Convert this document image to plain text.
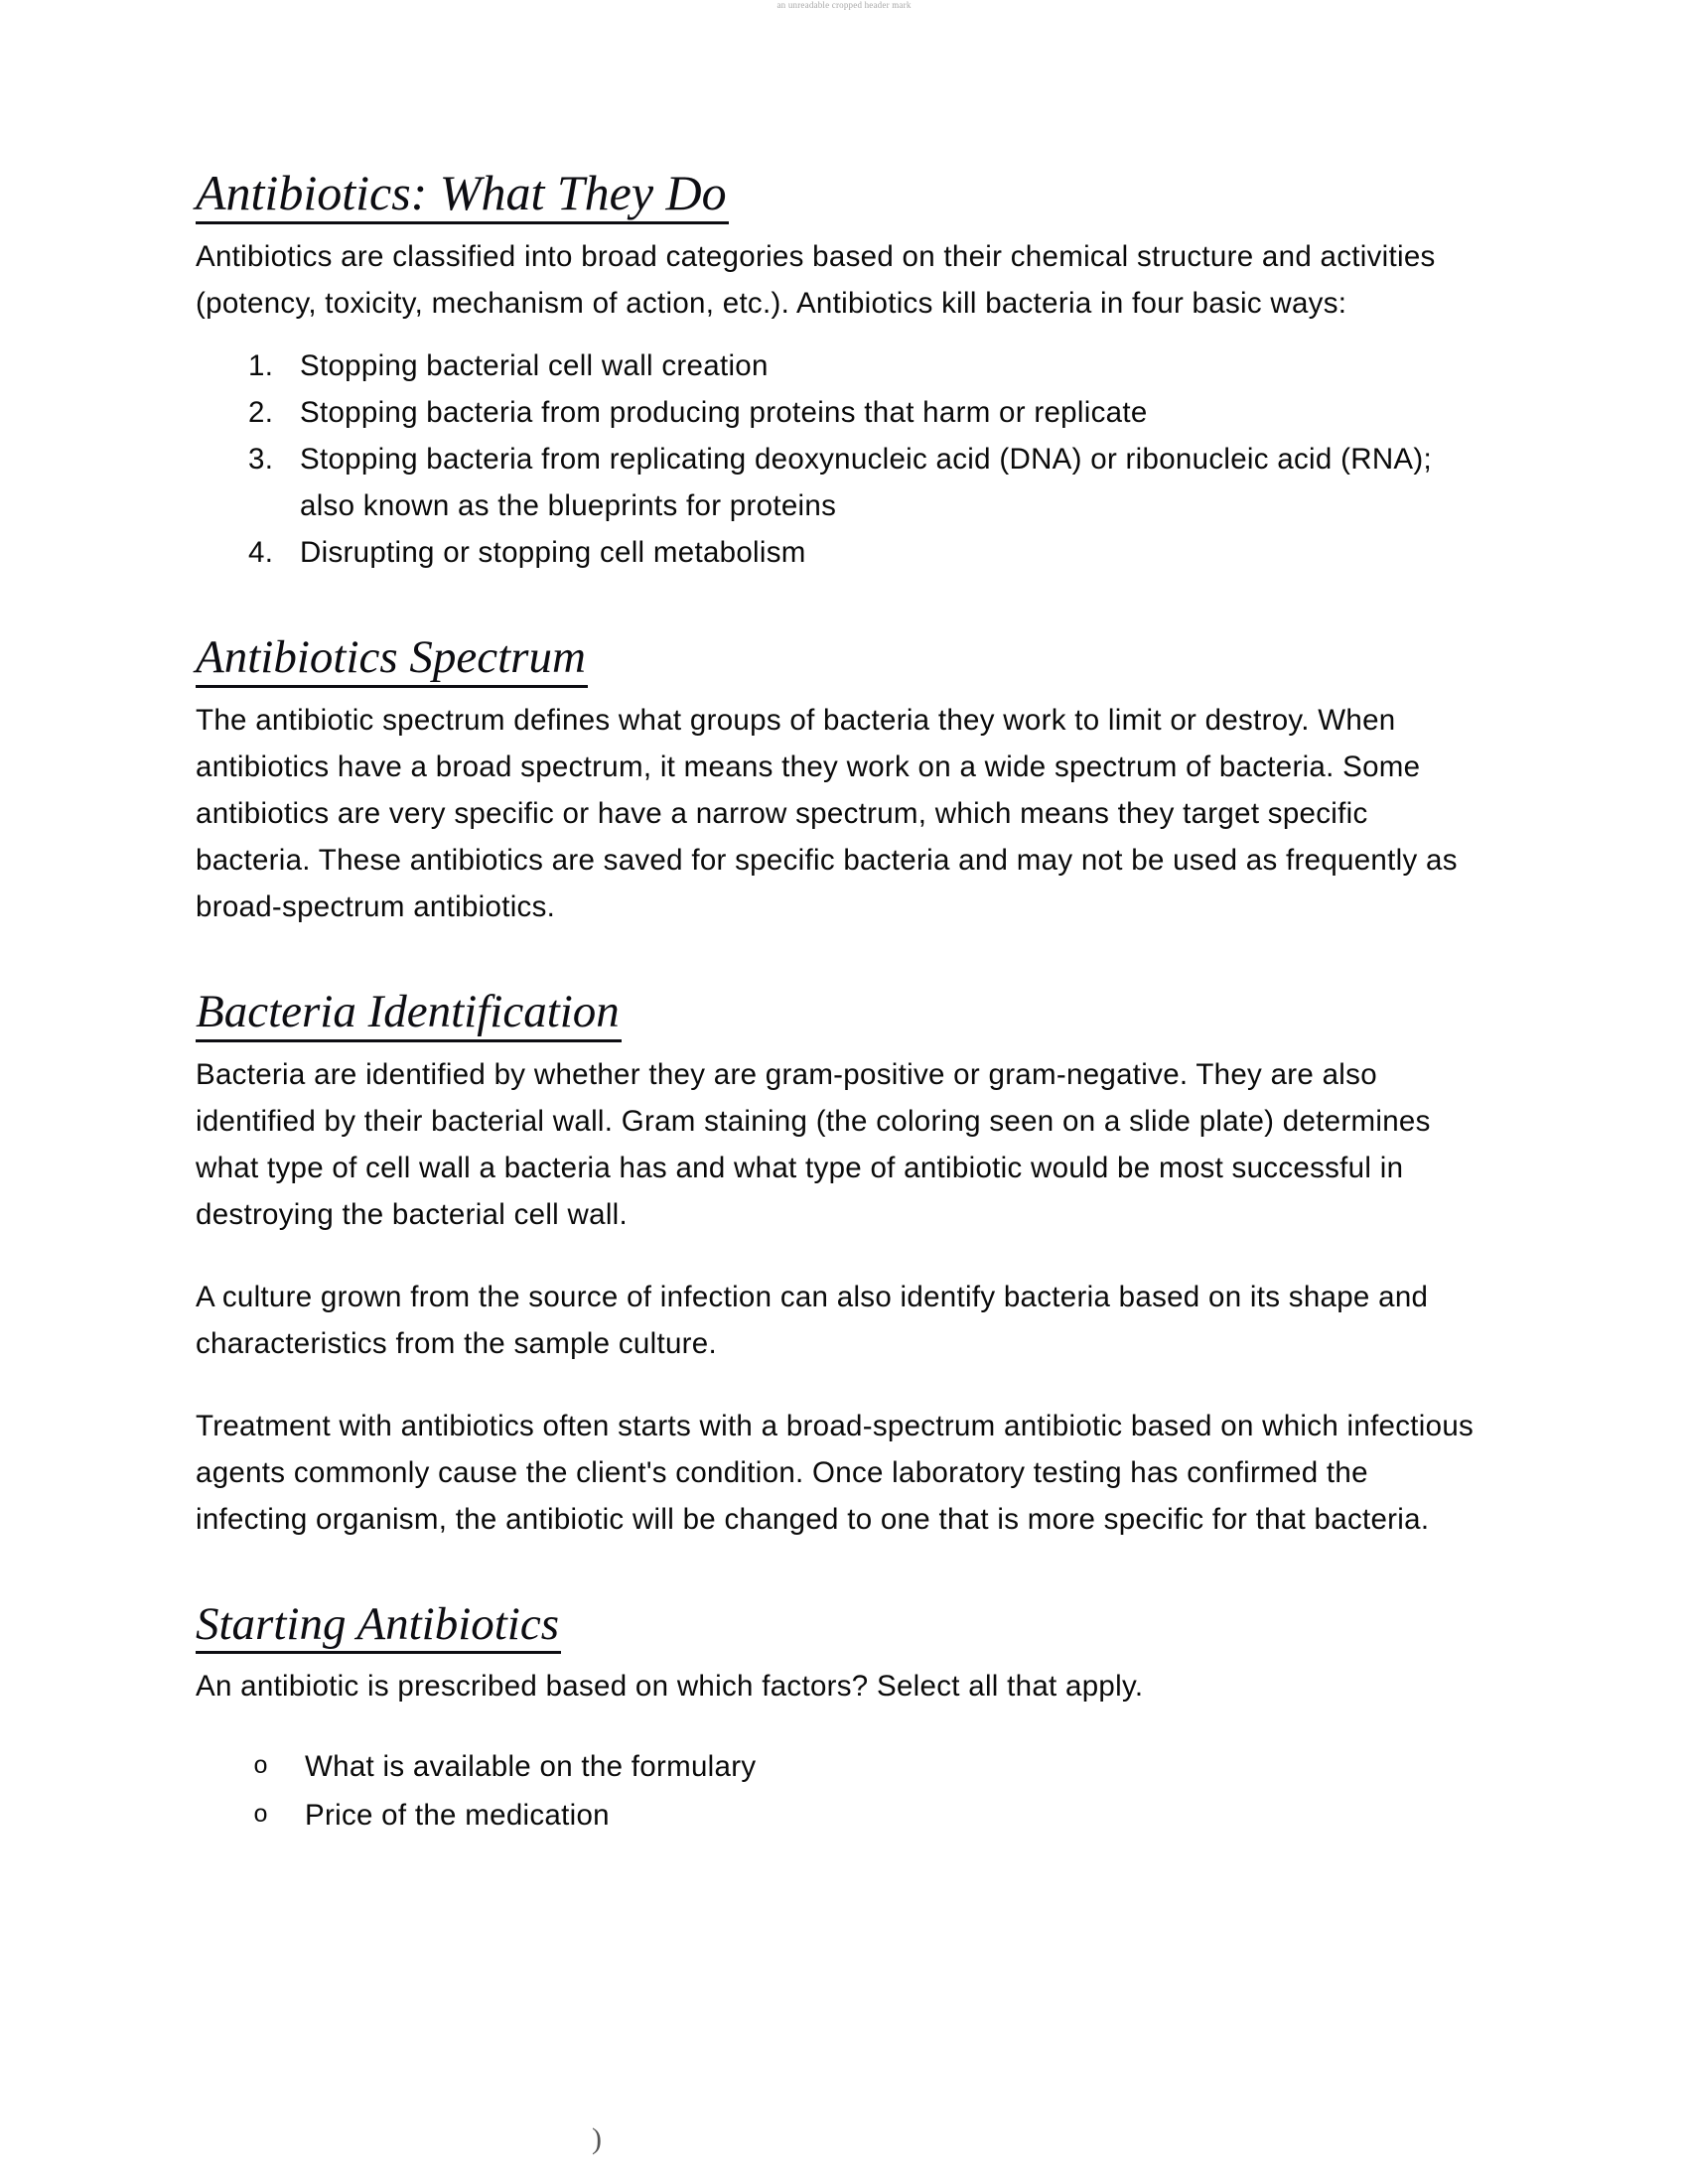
an unreadable cropped header mark
Antibiotics: What They Do

Antibiotics are classified into broad categories based on their chemical structure and activities (potency, toxicity, mechanism of action, etc.). Antibiotics kill bacteria in four basic ways:

1. Stopping bacterial cell wall creation
2. Stopping bacteria from producing proteins that harm or replicate
3. Stopping bacteria from replicating deoxynucleic acid (DNA) or ribonucleic acid (RNA); also known as the blueprints for proteins
4. Disrupting or stopping cell metabolism
Antibiotics Spectrum

The antibiotic spectrum defines what groups of bacteria they work to limit or destroy. When antibiotics have a broad spectrum, it means they work on a wide spectrum of bacteria. Some antibiotics are very specific or have a narrow spectrum, which means they target specific bacteria. These antibiotics are saved for specific bacteria and may not be used as frequently as broad-spectrum antibiotics.

Bacteria Identification

Bacteria are identified by whether they are gram-positive or gram-negative. They are also identified by their bacterial wall. Gram staining (the coloring seen on a slide plate) determines what type of cell wall a bacteria has and what type of antibiotic would be most successful in destroying the bacterial cell wall.

A culture grown from the source of infection can also identify bacteria based on its shape and characteristics from the sample culture.

Treatment with antibiotics often starts with a broad-spectrum antibiotic based on which infectious agents commonly cause the client's condition. Once laboratory testing has confirmed the infecting organism, the antibiotic will be changed to one that is more specific for that bacteria.

Starting Antibiotics

An antibiotic is prescribed based on which factors? Select all that apply.

o What is available on the formulary
o Price of the medication
)
